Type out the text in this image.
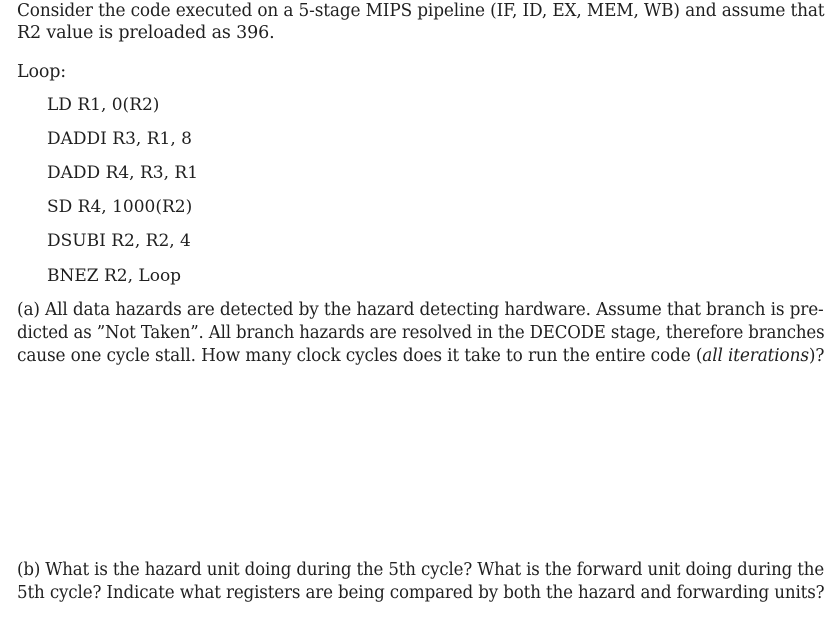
Consider the code executed on a 5-stage MIPS pipeline (IF, ID, EX, MEM, WB) and assume that
R2 value is preloaded as 396.
Loop:
LD R1, 0(R2)
DADDI R3, R1, 8
DADD R4, R3, R1
SD R4, 1000(R2)
DSUBI R2, R2, 4
BNEZ R2, Loop
(a) All data hazards are detected by the hazard detecting hardware. Assume that branch is pre-
dicted as ”Not Taken”. All branch hazards are resolved in the DECODE stage, therefore branches
cause one cycle stall. How many clock cycles does it take to run the entire code (all iterations)?
(b) What is the hazard unit doing during the 5th cycle? What is the forward unit doing during the
5th cycle? Indicate what registers are being compared by both the hazard and forwarding units?
